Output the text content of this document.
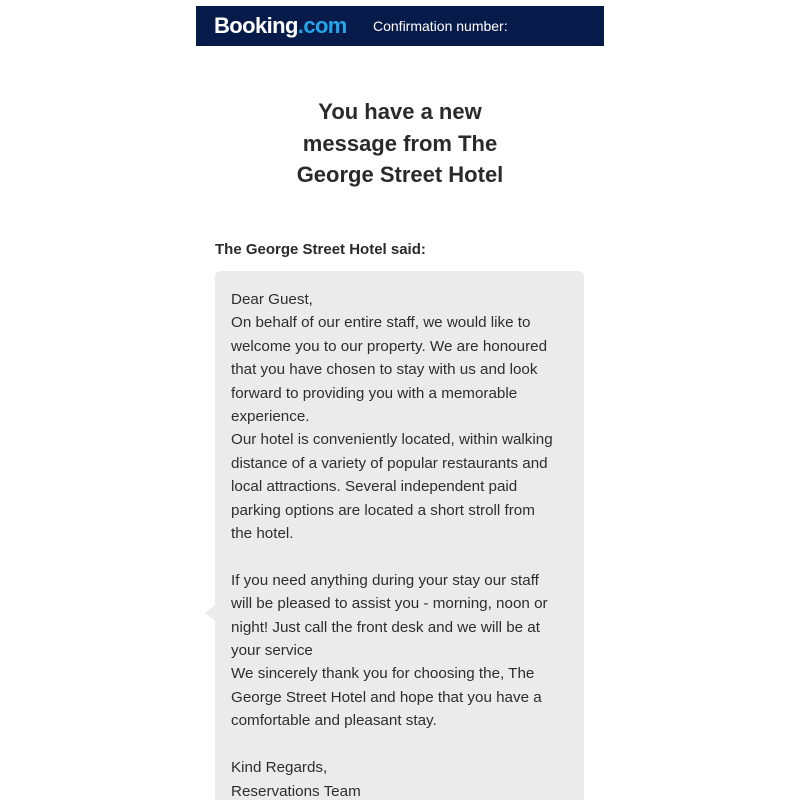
Booking.com Confirmation number:
You have a new
message from The
George Street Hotel
The George Street Hotel said:
Dear Guest,
On behalf of our entire staff, we would like to
welcome you to our property. We are honoured
that you have chosen to stay with us and look
forward to providing you with a memorable
experience.
Our hotel is conveniently located, within walking
distance of a variety of popular restaurants and
local attractions. Several independent paid
parking options are located a short stroll from
the hotel.
If you need anything during your stay our staff
will be pleased to assist you - morning, noon or
night! Just call the front desk and we will be at
your service
We sincerely thank you for choosing the, The
George Street Hotel and hope that you have a
comfortable and pleasant stay.
Kind Regards,
Reservations Team
